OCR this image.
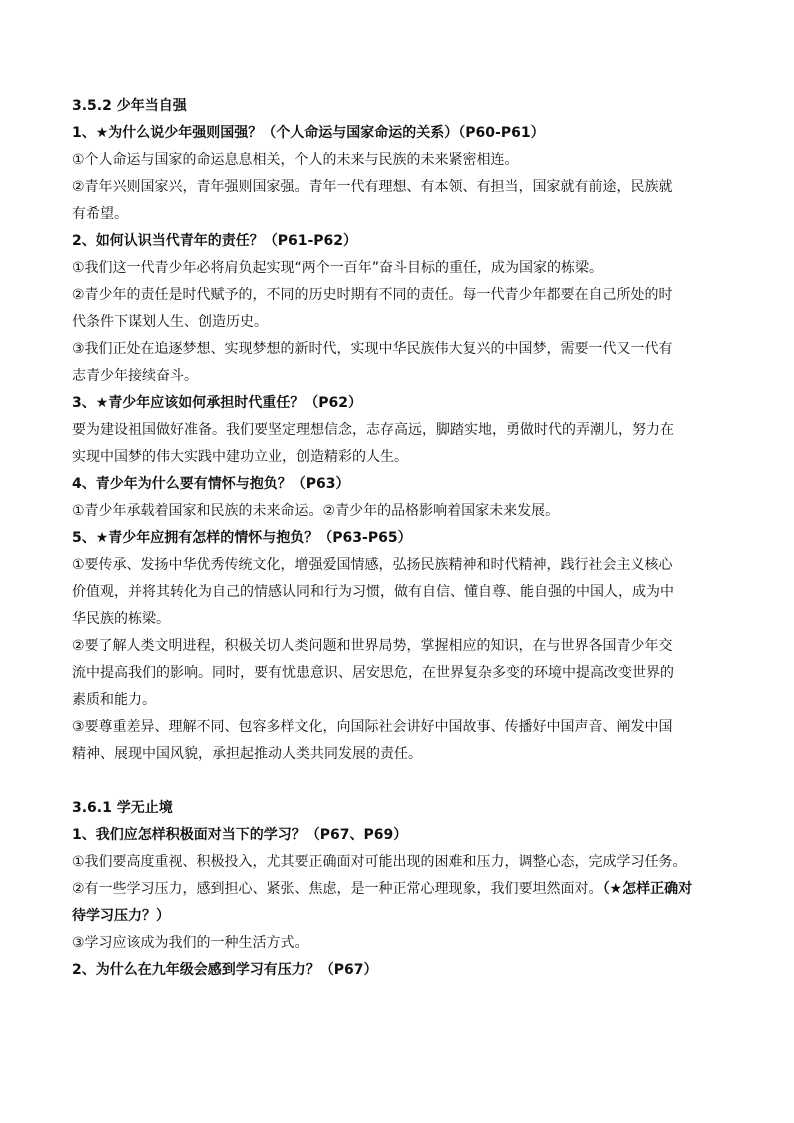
3.5.2 少年当自强
1、★为什么说少年强则国强？（个人命运与国家命运的关系）（P60-P61）
①个人命运与国家的命运息息相关，个人的未来与民族的未来紧密相连。
②青年兴则国家兴，青年强则国家强。青年一代有理想、有本领、有担当，国家就有前途，民族就
有希望。
2、如何认识当代青年的责任？（P61-P62）
①我们这一代青少年必将肩负起实现“两个一百年”奋斗目标的重任，成为国家的栋梁。
②青少年的责任是时代赋予的，不同的历史时期有不同的责任。每一代青少年都要在自己所处的时
代条件下谋划人生、创造历史。
③我们正处在追逐梦想、实现梦想的新时代，实现中华民族伟大复兴的中国梦，需要一代又一代有
志青少年接续奋斗。
3、★青少年应该如何承担时代重任？（P62）
要为建设祖国做好准备。我们要坚定理想信念，志存高远，脚踏实地，勇做时代的弄潮儿，努力在
实现中国梦的伟大实践中建功立业，创造精彩的人生。
4、青少年为什么要有情怀与抱负？（P63）
①青少年承载着国家和民族的未来命运。②青少年的品格影响着国家未来发展。
5、★青少年应拥有怎样的情怀与抱负？（P63-P65）
①要传承、发扬中华优秀传统文化，增强爱国情感，弘扬民族精神和时代精神，践行社会主义核心
价值观，并将其转化为自己的情感认同和行为习惯，做有自信、懂自尊、能自强的中国人，成为中
华民族的栋梁。
②要了解人类文明进程，积极关切人类问题和世界局势，掌握相应的知识，在与世界各国青少年交
流中提高我们的影响。同时，要有忧患意识、居安思危，在世界复杂多变的环境中提高改变世界的
素质和能力。
③要尊重差异、理解不同、包容多样文化，向国际社会讲好中国故事、传播好中国声音、阐发中国
精神、展现中国风貌，承担起推动人类共同发展的责任。
3.6.1 学无止境
1、我们应怎样积极面对当下的学习？（P67、P69）
①我们要高度重视、积极投入，尤其要正确面对可能出现的困难和压力，调整心态，完成学习任务。
②有一些学习压力，感到担心、紧张、焦虑，是一种正常心理现象，我们要坦然面对。（★怎样正确对
待学习压力？）
③学习应该成为我们的一种生活方式。
2、为什么在九年级会感到学习有压力？（P67）
